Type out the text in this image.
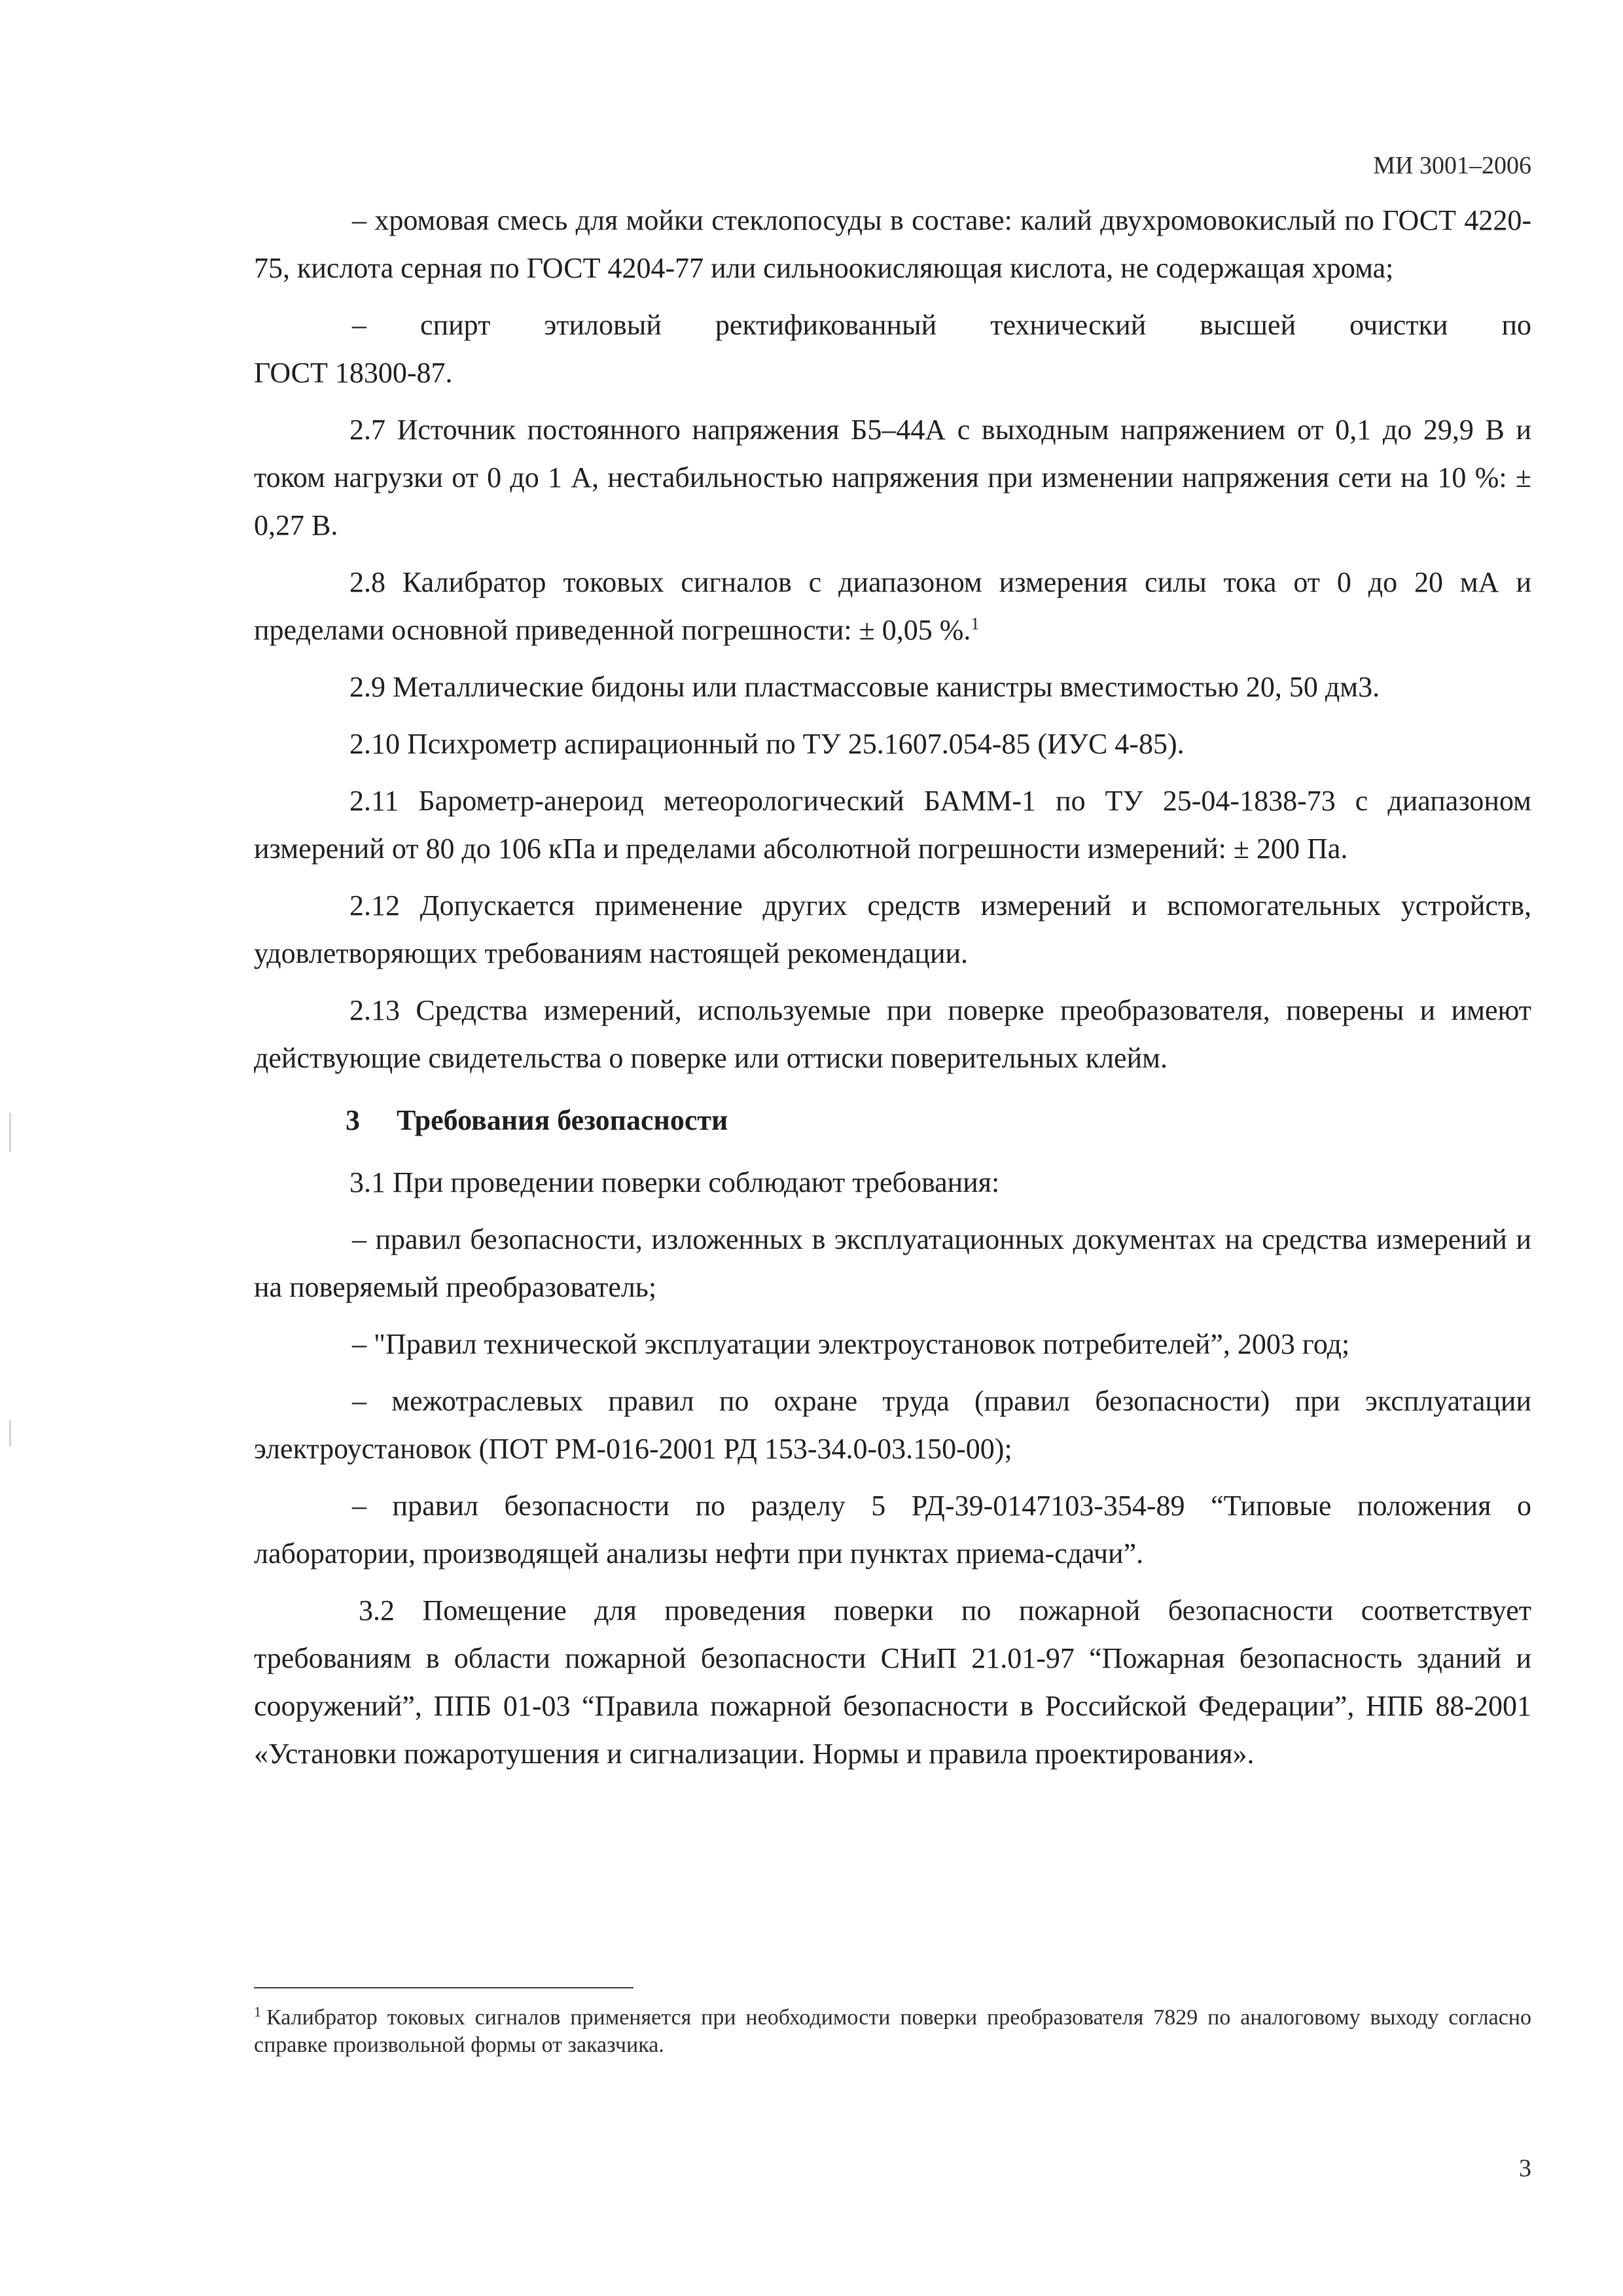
МИ 3001–2006

– хромовая смесь для мойки стеклопосуды в составе: калий двухромовокислый по ГОСТ 4220-75, кислота серная по ГОСТ 4204-77 или сильноокисляющая кислота, не содержащая хрома;

– спирт этиловый ректификованный технический высшей очистки по

ГОСТ 18300-87.

2.7 Источник постоянного напряжения Б5–44А с выходным напряжением от 0,1 до 29,9 В и током нагрузки от 0 до 1 А, нестабильностью напряжения при изменении напряжения сети на 10 %: ± 0,27 В.

2.8 Калибратор токовых сигналов с диапазоном измерения силы тока от 0 до 20 мА и пределами основной приведенной погрешности: ± 0,05 %.$^1$

2.9 Металлические бидоны или пластмассовые канистры вместимостью 20, 50 дм3.

2.10 Психрометр аспирационный по ТУ 25.1607.054-85 (ИУС 4-85).

2.11 Барометр-анероид метеорологический БАММ-1 по ТУ 25-04-1838-73 с диапазоном измерений от 80 до 106 кПа и пределами абсолютной погрешности измерений: ± 200 Па.

2.12 Допускается применение других средств измерений и вспомогательных устройств, удовлетворяющих требованиям настоящей рекомендации.

2.13 Средства измерений, используемые при поверке преобразователя, поверены и имеют действующие свидетельства о поверке или оттиски поверительных клейм.

3 Требования безопасности

3.1 При проведении поверки соблюдают требования:

– правил безопасности, изложенных в эксплуатационных документах на средства измерений и на поверяемый преобразователь;

– "Правил технической эксплуатации электроустановок потребителей”, 2003 год;

– межотраслевых правил по охране труда (правил безопасности) при эксплуатации электроустановок (ПОТ РМ-016-2001 РД 153-34.0-03.150-00);

– правил безопасности по разделу 5 РД-39-0147103-354-89 “Типовые положения о лаборатории, производящей анализы нефти при пунктах приема-сдачи”.

3.2 Помещение для проведения поверки по пожарной безопасности соответствует требованиям в области пожарной безопасности СНиП 21.01-97 “Пожарная безопасность зданий и сооружений”, ППБ 01-03 “Правила пожарной безопасности в Российской Федерации”, НПБ 88-2001 «Установки пожаротушения и сигнализации. Нормы и правила проектирования».

$^1$ Калибратор токовых сигналов применяется при необходимости поверки преобразователя 7829 по аналоговому выходу согласно справке произвольной формы от заказчика.
3
